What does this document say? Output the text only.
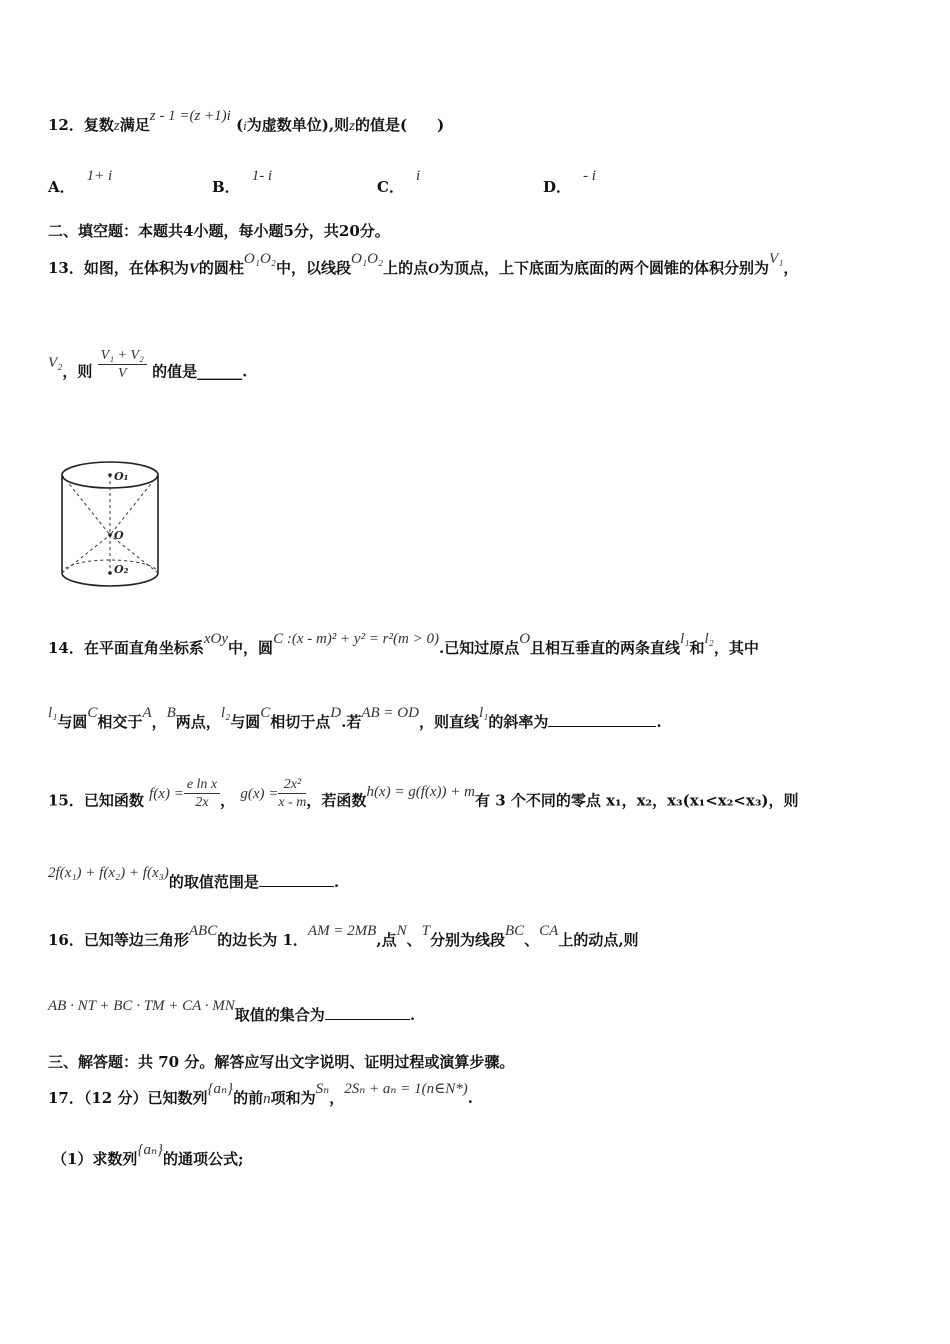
12．复数z满足z - 1 =(z +1)i (i为虚数单位),则z的值是(　　)
A．1+ i
B．1- i
C．i
D．- i
二、填空题：本题共4小题，每小题5分，共20分。
13．如图，在体积为V的圆柱O₁O₂中，以线段O₁O₂上的点O为顶点，上下底面为底面的两个圆锥的体积分别为V₁，
V₂，则 $\frac{\text{V₁ + V₂}}{V}$ 的值是______.
O₁
O
O₂
14．在平面直角坐标系xOy中，圆C :(x - m)² + y² = r²(m > 0).已知过原点O且相互垂直的两条直线l₁和l₂，其中
l₁与圆C相交于A，B两点，l₂与圆C相切于点D.若AB = OD，则直线l₁的斜率为	.
15．已知函数 $f(x) = \frac{\text{e ln x}}{2x}$ ， $g(x) = \frac{\text{2x²}}{x - m}$ ，若函数h(x) = g(f(x)) + m有 3 个不同的零点 x₁，x₂，x₃(x₁<x₂<x₃)，则
2f(x₁) + f(x₂) + f(x₃)的取值范围是	.
16．已知等边三角形ABC的边长为 1．AM = 2MB,点N、T分别为线段BC、CA上的动点,则
AB · NT + BC · TM + CA · MN取值的集合为	.
三、解答题：共 70 分。解答应写出文字说明、证明过程或演算步骤。
17．（12 分）已知数列{aₙ}的前n项和为Sₙ，2Sₙ + aₙ = 1(n∈N*).
（1）求数列{aₙ}的通项公式;
